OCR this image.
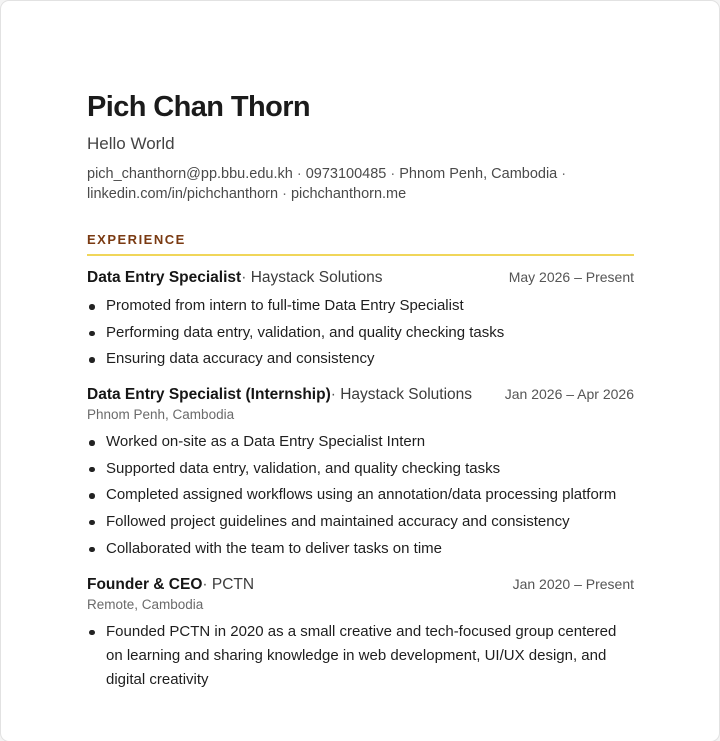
Pich Chan Thorn
Hello World
pich_chanthorn@pp.bbu.edu.kh · 0973100485 · Phnom Penh, Cambodia ·
linkedin.com/in/pichchanthorn · pichchanthorn.me
EXPERIENCE
Data Entry Specialist· Haystack Solutions	May 2026 – Present
Promoted from intern to full-time Data Entry Specialist
Performing data entry, validation, and quality checking tasks
Ensuring data accuracy and consistency
Data Entry Specialist (Internship)· Haystack Solutions Jan 2026 – Apr 2026
Phnom Penh, Cambodia
Worked on-site as a Data Entry Specialist Intern
Supported data entry, validation, and quality checking tasks
Completed assigned workflows using an annotation/data processing platform
Followed project guidelines and maintained accuracy and consistency
Collaborated with the team to deliver tasks on time
Founder & CEO· PCTN	Jan 2020 – Present
Remote, Cambodia
Founded PCTN in 2020 as a small creative and tech-focused group centered on learning and sharing knowledge in web development, UI/UX design, and digital creativity
